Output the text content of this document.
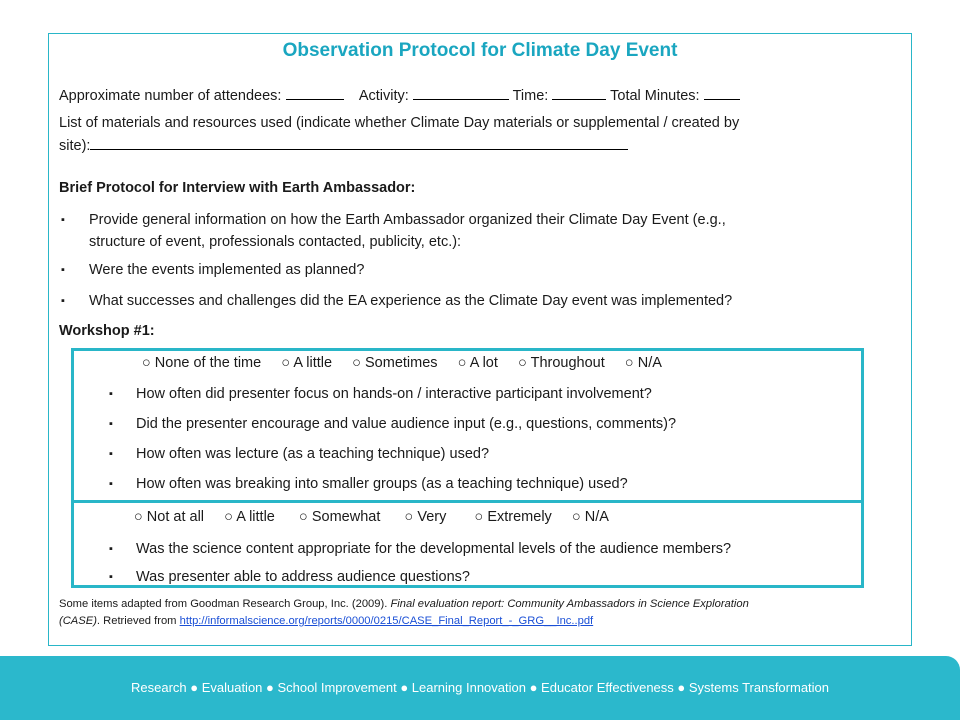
Observation Protocol for Climate Day Event
Approximate number of attendees:	Activity:	Time:	Total Minutes:
List of materials and resources used (indicate whether Climate Day materials or supplemental / created by
site):
Brief Protocol for Interview with Earth Ambassador:
▪ Provide general information on how the Earth Ambassador organized their Climate Day Event (e.g.,
structure of event, professionals contacted, publicity, etc.):
▪ Were the events implemented as planned?
▪ What successes and challenges did the EA experience as the Climate Day event was implemented?
Workshop #1:
○ None of the time ○ A little ○ Sometimes ○ A lot ○ Throughout ○ N/A
▪ How often did presenter focus on hands-on / interactive participant involvement?
▪ Did the presenter encourage and value audience input (e.g., questions, comments)?
▪ How often was lecture (as a teaching technique) used?
▪ How often was breaking into smaller groups (as a teaching technique) used?
○ Not at all ○ A little ○ Somewhat ○ Very ○ Extremely ○ N/A
▪ Was the science content appropriate for the developmental levels of the audience members?
▪ Was presenter able to address audience questions?
Some items adapted from Goodman Research Group, Inc. (2009). Final evaluation report: Community Ambassadors in Science Exploration
(CASE). Retrieved from http://informalscience.org/reports/0000/0215/CASE_Final_Report_-_GRG__Inc..pdf
Research ● Evaluation ● School Improvement ● Learning Innovation ● Educator Effectiveness ● Systems Transformation
